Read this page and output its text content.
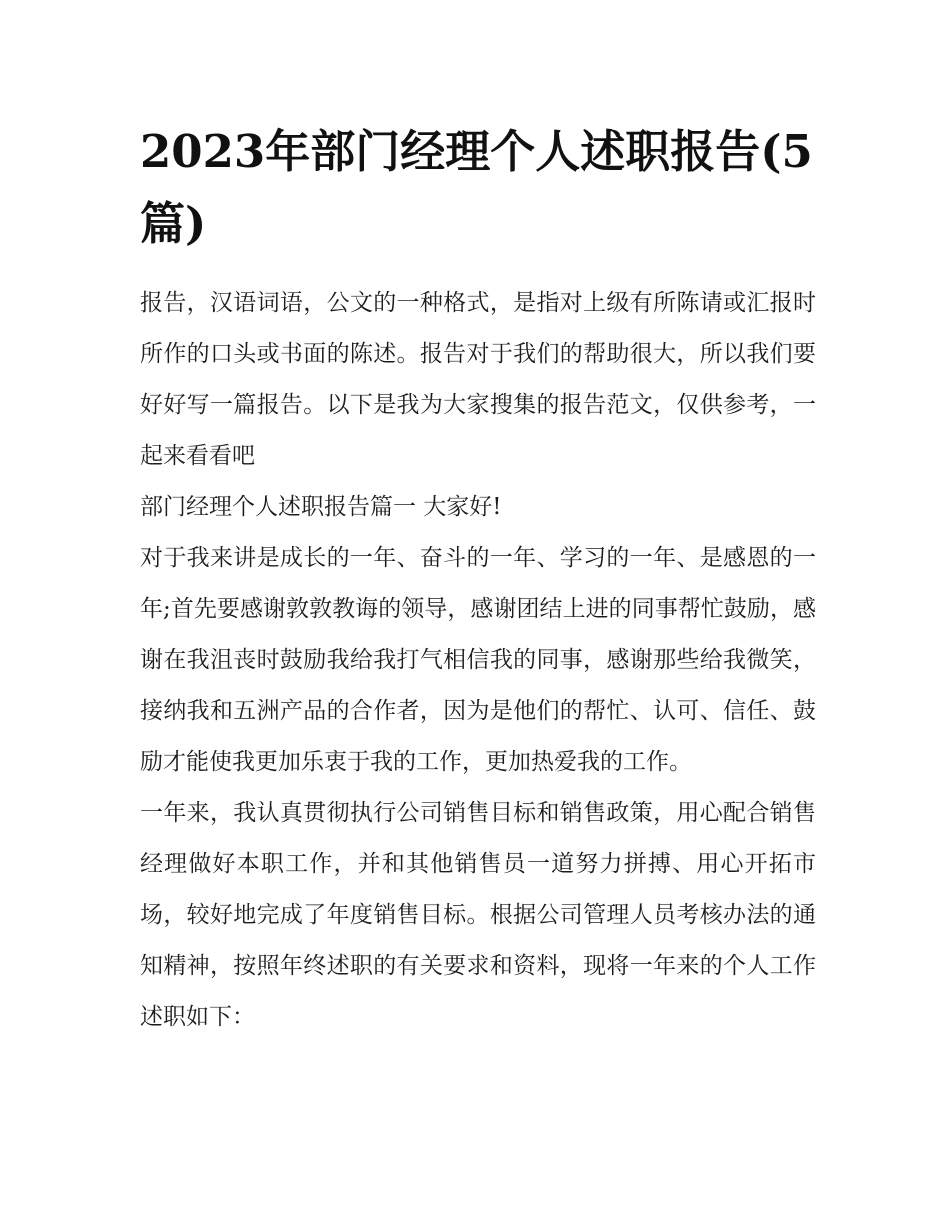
2023年部门经理个人述职报告(5篇)

报告，汉语词语，公文的一种格式，是指对上级有所陈请或汇报时所作的口头或书面的陈述。报告对于我们的帮助很大，所以我们要好好写一篇报告。以下是我为大家搜集的报告范文，仅供参考，一起来看看吧

部门经理个人述职报告篇一 大家好!

对于我来讲是成长的一年、奋斗的一年、学习的一年、是感恩的一年;首先要感谢敦敦教诲的领导，感谢团结上进的同事帮忙鼓励，感谢在我沮丧时鼓励我给我打气相信我的同事，感谢那些给我微笑，接纳我和五洲产品的合作者，因为是他们的帮忙、认可、信任、鼓励才能使我更加乐衷于我的工作，更加热爱我的工作。

一年来，我认真贯彻执行公司销售目标和销售政策，用心配合销售经理做好本职工作，并和其他销售员一道努力拼搏、用心开拓市场，较好地完成了年度销售目标。根据公司管理人员考核办法的通知精神，按照年终述职的有关要求和资料，现将一年来的个人工作述职如下：
